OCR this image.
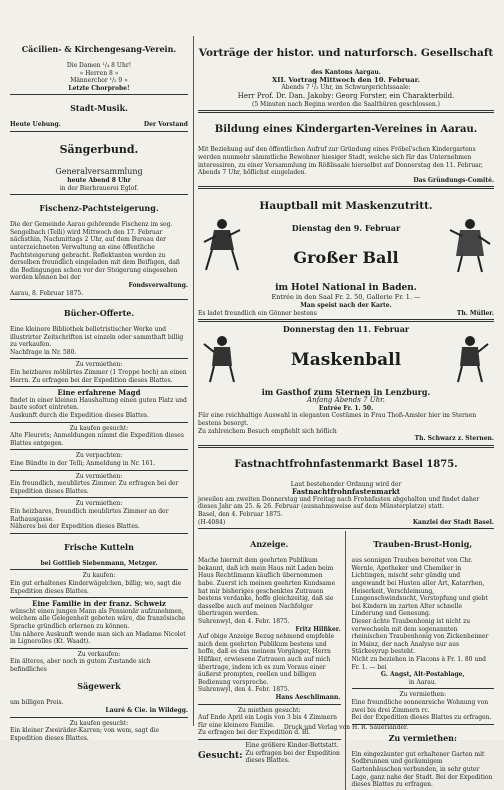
Cäcilien- & Kirchengesang-Verein.

Die Damen ¹/₄ 8 Uhr!

» Herren 8 »

Männerchor ¹/₂ 9 »

Letzte Chorprobe!

Stadt-Musik.

Heute Uebung.	Der Vorstand

Sängerbund.

Generalversammlung

heute Abend 8 Uhr

in der Bierbrauerei Eglof.

Fischenz-Pachtsteigerung.

Die der Gemeinde Aarau gehörende Fischenz im sog. Sengelbach (Telli) wird Mittwoch den 17. Februar nächsthin, Nachmittags 2 Uhr, auf dem Bureau der unterzeichneten Verwaltung an eine öffentliche Pachtsteigerung gebracht. Reflektanten werden zu derselben freundlich eingeladen mit dem Beifügen, daß die Bedingungen schon vor der Steigerung eingesehen werden können bei der

Fondsverwaltung.

Aarau, 8. Februar 1875.

Bücher-Offerte.

Eine kleinere Bibliothek belletristischer Werke und illustrirter Zeitschriften ist einzeln oder sammthaft billig zu verkaufen.

Nachfrage in Nr. 580.

Zu vermiethen:

Ein heizbares möblirtes Zimmer (1 Treppe hoch) an einen Herrn. Zu erfragen bei der Expedition dieses Blattes.

Eine erfahrene Magd

findet in einer kleinen Haushaltung einen guten Platz und baute sofort eintreten.

Auskunft durch die Expedition dieses Blattes.

Zu kaufen gesucht:

Alte Fleurets; Anmeldungen nimmt die Expedition dieses Blattes entgegen.

Zu verpachten:

Eine Bündte in der Telli; Anmeldung in Nr. 161.

Zu vermiethen:

Ein freundlich, meublirtes Zimmer. Zu erfragen bei der Expedition dieses Blattes.

Zu vermiethen:

Ein heizbares, freundlich meublirtes Zimmer an der Rathausgasse.

Näheres bei der Expedition dieses Blattes.

Frische Kutteln

bei Gottlieb Siebenmann, Metzger.

Zu kaufen:

Ein gut erhaltenes Kinderwägelchen, billig; wo, sagt die Expedition dieses Blattes.

Eine Familie in der franz. Schweiz

wünscht einen jungen Mann als Pensionär aufzunehmen, welchem alle Gelegenheit geboten wäre, die französische Sprache gründlich erlernen zu können.

Um nähere Auskunft wende man sich an Madame Nicolet in Lignerolles (Kt. Waadt).

Zu verkaufen:

Ein älteres, aber noch in gutem Zustande sich befindliches

Sägewerk

um billigen Preis.

Lauré & Cie. in Wildegg.

Zu kaufen gesucht:

Ein kleiner Zweiräder-Karren; von wem, sagt die Expedition dieses Blattes.

Vorträge der histor. und naturforsch. Gesellschaft

des Kantons Aargau.

XII. Vortrag Mittwoch den 10. Februar.

Abends 7 ¹/₂ Uhr, im Schwurgerichtssaale:

Herr Prof. Dr. Dan. Jakoby: Georg Forster, ein Charakterbild.

(5 Minuten nach Beginn werden die Saalthüren geschlossen.)

Bildung eines Kindergarten-Vereines in Aarau.

Mit Beziehung auf den öffentlichen Aufruf zur Gründung eines Fröbel'schen Kindergartens werden nunmehr sämmtliche Bewohner hiesiger Stadt, welche sich für das Unternehmen interessiren, zu einer Versammlung im Rößlisaale hierselbst auf Donnerstag den 11. Februar, Abends 7 Uhr, höflichst eingeladen.

Das Gründungs-Comité.

Hauptball mit Maskenzutritt.

Dienstag den 9. Februar

Großer Ball

im Hotel National in Baden.

Entrée in den Saal Fr. 2. 50, Gallerie Fr. 1. —

Man speist nach der Karte.

Es ladet freundlich ein Gönner bestens	Th. Müller.

Donnerstag den 11. Februar

Maskenball

im Gasthof zum Sternen in Lenzburg.

Anfang Abends 7 Uhr.

Entrée Fr. 1. 50.

Für eine reichhaltige Auswahl in eleganten Costümes in Frau Thoß-Amsler hier im Sternen bestens besorgt.

Zu zahlreichem Besuch empfiehlt sich höflich

Th. Schwarz z. Sternen.

Fastnachtfrohnfastenmarkt Basel 1875.

Laut bestehender Ordnung wird der

Fastnachtfrohnfastenmarkt

jeweilen am zweiten Donnerstag und Freitag nach Frohnfasten abgehalten und findet daher dieses Jahr am 25. & 26. Februar (ausnahmsweise auf dem Münsterplatze) statt.

Basel, den 4. Februar 1875.

(H-4084)	Kanzlei der Stadt Basel.

Anzeige.

Mache hiermit dem geehrten Publikum bekannt, daß ich mein Haus mit Laden beim Haus Rechtlimann käuflich übernommen habe. Zuerst ich meinen geehrten Kundsame hat mir bisheriges geschenktes Zutrauen bestens verdanke, hoffe gleichzeitig, daß sie dasselbe auch auf meinen Nachfolger übertragen werden.

Suhrenwyl, den 4. Febr. 1875.

Fritz Hilfiker.

Auf obige Anzeige Bezug nehmend empfehle mich dem geehrten Publikum bestens und hoffe, daß es das meinem Vorgänger, Herrn Hilfiker, erwiesene Zutrauen auch auf mich übertrage, indem ich es zum Voraus einer äußerst prompten, reellen und billigen Bedienung verspreche.

Suhrenwyl, den 4. Febr. 1875.

Hans Aeschlimann.

Zu miethen gesucht:

Auf Ende April ein Logis von 3 bis 4 Zimmern für eine kleinere Familie.

Zu erfragen bei der Expedition d. Bl.

Gesucht:

Eine größere Kinder-Bettstatt. Zu erfragen bei der Expedition dieses Blattes.

Trauben-Brust-Honig,

aus sonnigen Trauben bereitet von Chr. Wernle, Apotheker und Chemiker in Lichtingen, mischt sehr gündig und angewandt bei Husten aller Art, Katarrhen, Heiserkeit, Verschleimung, Lungenschwindsucht, Verstopfung und giebt bei Kindern im zarten Alter schnelle Linderung und Genesung.

Dieser ächte Traubenhonig ist nicht zu verwechseln mit dem sogenannten rheinischen Traubenhonig von Zickenheimer in Mainz, der nach Analyse nur aus Stärkesyrup besteht.

Nicht zu beziehen in Flacons à Fr. 1. 80 und Fr. 1. — bei

G. Angst, Alt-Postablage,

in Aarau.

Zu vermiethen:

Eine freundliche sonnenreiche Wohnung von zwei bis drei Zimmern rc.

Bei der Expedition dieses Blattes zu erfragen.

Zu vermiethen:

Ein eingezäunter gut erhaltener Garten mit Sodbrunnen und geräumigem Gartenhäuschen verbunden, in sehr guter Lage, ganz nahe der Stadt. Bei der Expedition dieses Blattes zu erfragen.

Druck und Verlag von H. R. Sauerländer.
